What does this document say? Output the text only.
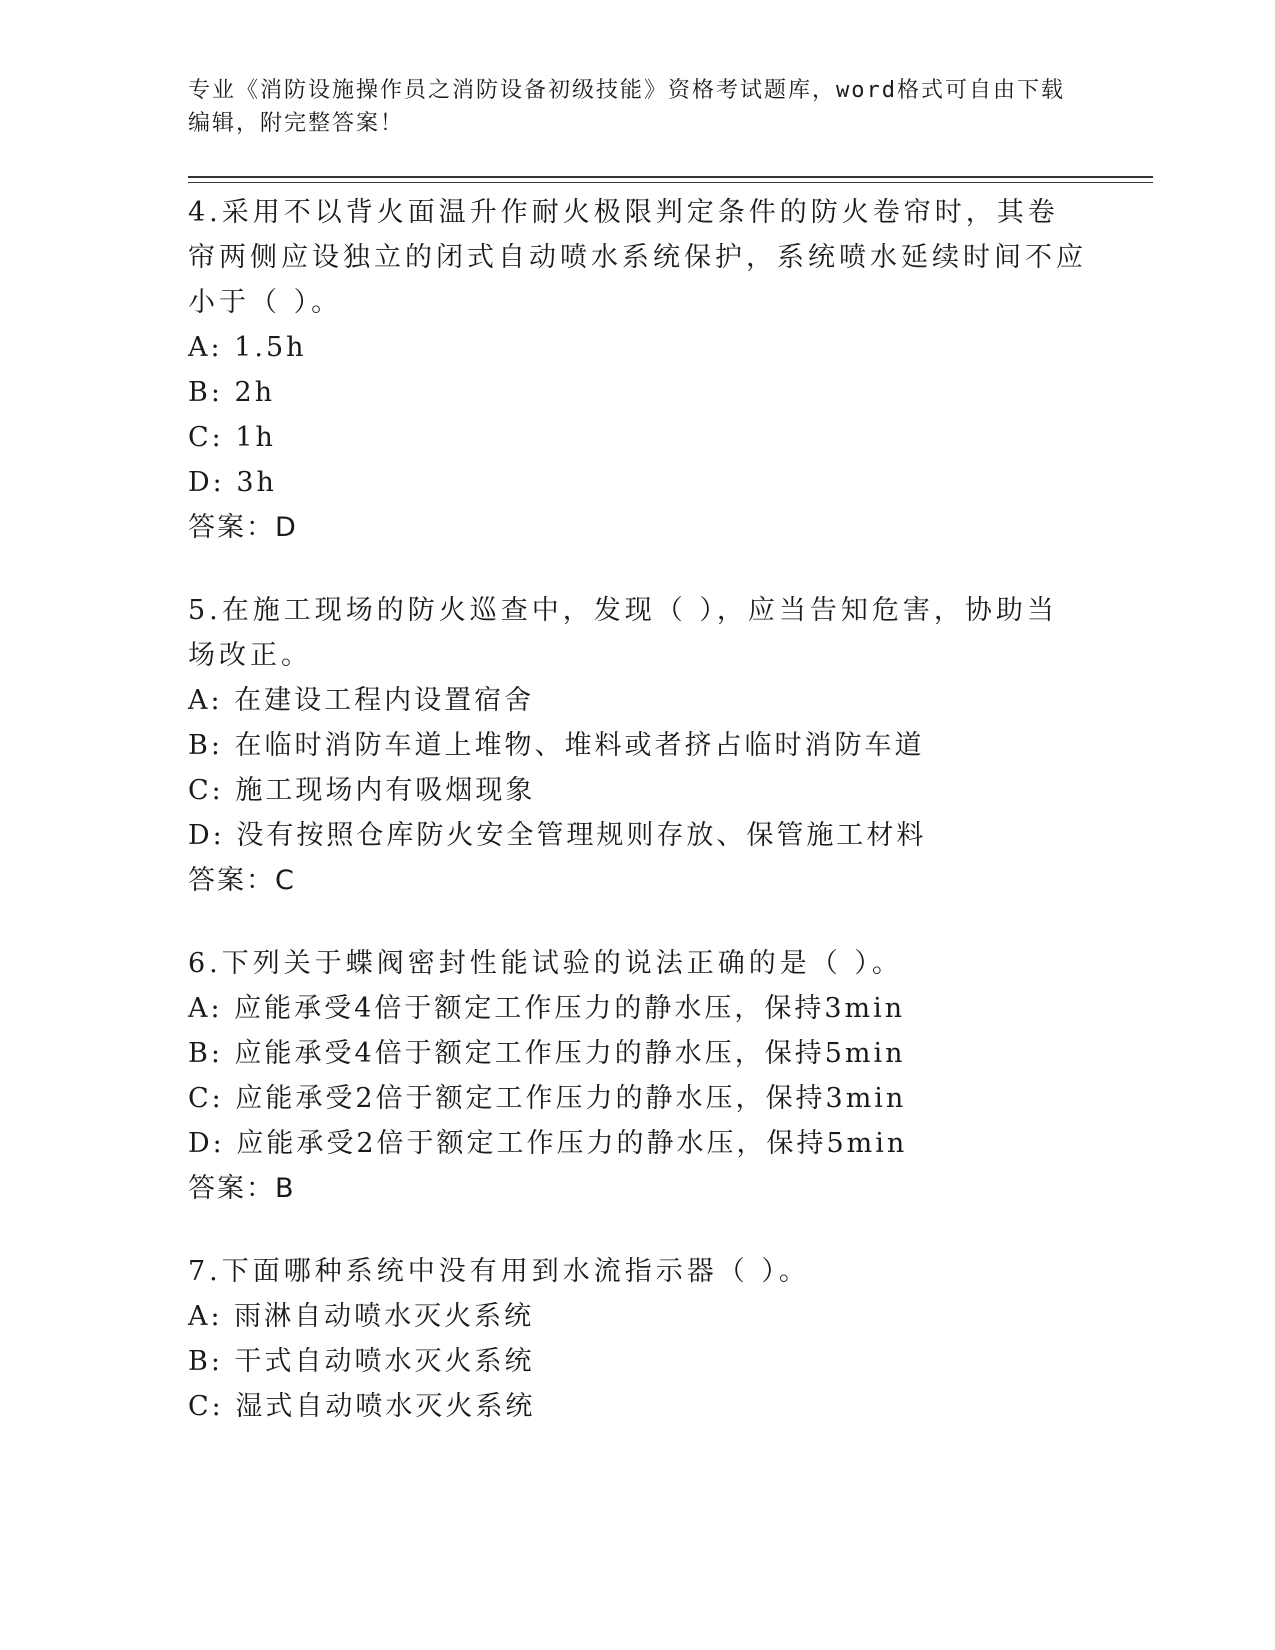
专业《消防设施操作员之消防设备初级技能》资格考试题库，word格式可自由下载编辑，附完整答案！

4.采用不以背火面温升作耐火极限判定条件的防火卷帘时，其卷帘两侧应设独立的闭式自动喷水系统保护，系统喷水延续时间不应小于（ ）。

A: 1.5h

B: 2h

C: 1h

D: 3h

答案：D

5.在施工现场的防火巡查中，发现（ ），应当告知危害，协助当场改正。

A: 在建设工程内设置宿舍

B: 在临时消防车道上堆物、堆料或者挤占临时消防车道

C: 施工现场内有吸烟现象

D: 没有按照仓库防火安全管理规则存放、保管施工材料

答案：C

6.下列关于蝶阀密封性能试验的说法正确的是（ ）。

A: 应能承受4倍于额定工作压力的静水压，保持3min

B: 应能承受4倍于额定工作压力的静水压，保持5min

C: 应能承受2倍于额定工作压力的静水压，保持3min

D: 应能承受2倍于额定工作压力的静水压，保持5min

答案：B

7.下面哪种系统中没有用到水流指示器（ ）。

A: 雨淋自动喷水灭火系统

B: 干式自动喷水灭火系统

C: 湿式自动喷水灭火系统
